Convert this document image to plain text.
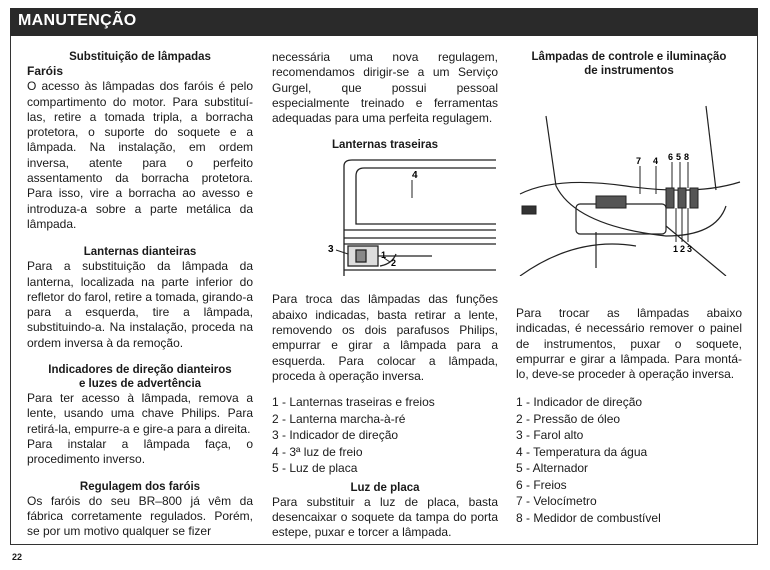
MANUTENÇÃO
Substituição de lâmpadas
Faróis

O acesso às lâmpadas dos faróis é pelo compartimento do motor. Para substituí-las, retire a tomada tripla, a borracha protetora, o suporte do soquete e a lâmpada. Na instalação, em ordem inversa, atente para o perfeito assentamento da borracha protetora. Para isso, vire a borracha ao avesso e introduza-a sobre a parte metálica da lâmpada.

Lanternas dianteiras

Para a substituição da lâmpada da lanterna, localizada na parte inferior do refletor do farol, retire a tomada, girando-a para a esquerda, tire a lâmpada, substituindo-a. Na instalação, proceda na ordem inversa à da remoção.

Indicadores de direção dianteiros
e luzes de advertência

Para ter acesso à lâmpada, remova a lente, usando uma chave Philips. Para retirá-la, empurre-a e gire-a para a direita.

Para instalar a lâmpada faça, o procedimento inverso.

Regulagem dos faróis

Os faróis do seu BR–800 já vêm da fábrica corretamente regulados. Porém, se por um motivo qualquer se fizer

necessária uma nova regulagem, recomendamos dirigir-se a um Serviço Gurgel, que possui pessoal especialmente treinado e ferramentas adequadas para uma perfeita regulagem.

Lanternas traseiras
4
3	1
2

Para troca das lâmpadas das funções abaixo indicadas, basta retirar a lente, removendo os dois parafusos Philips, empurrar e girar a lâmpada para a esquerda. Para colocar a lâmpada, proceda à operação inversa.

1 - Lanternas traseiras e freios
2 - Lanterna marcha-à-ré
3 - Indicador de direção
4 - 3ª luz de freio
5 - Luz de placa
Luz de placa

Para substituir a luz de placa, basta desencaixar o soquete da tampa do porta estepe, puxar e torcer a lâmpada.

Lâmpadas de controle e iluminação
de instrumentos
7 4 6 5 8
1 2 3

Para trocar as lâmpadas abaixo indicadas, é necessário remover o painel de instrumentos, puxar o soquete, empurrar e girar a lâmpada. Para montá-lo, deve-se proceder à operação inversa.

1 - Indicador de direção
2 - Pressão de óleo
3 - Farol alto
4 - Temperatura da água
5 - Alternador
6 - Freios
7 - Velocímetro
8 - Medidor de combustível
22
